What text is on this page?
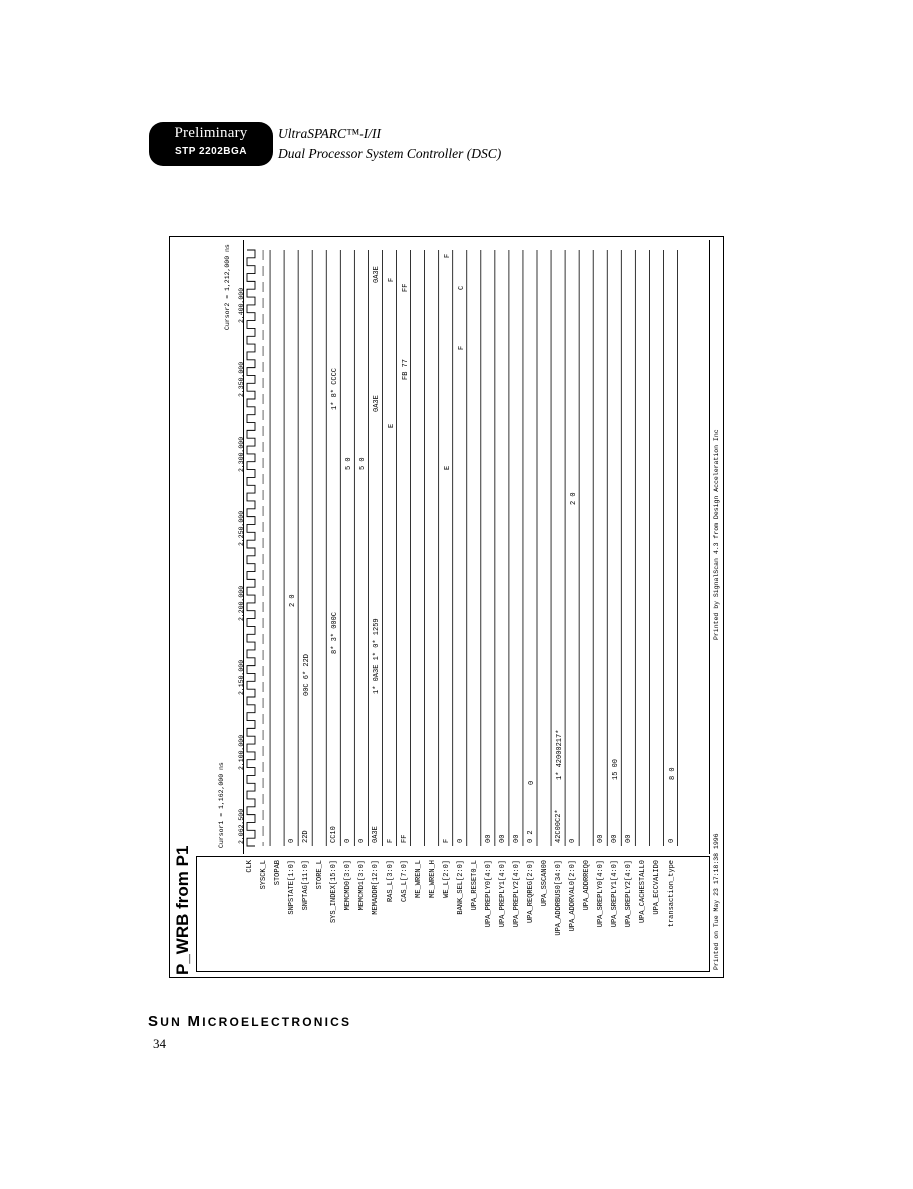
Preliminary
STP 2202BGA
UltraSPARC™-I/II
Dual Processor System Controller (DSC)
P_WRB from P1	Printed on Tue May 23 17:18:38 1996
Printed by SignalScan 4.3 from Design Acceleration Inc
CLK SYSCK_L STOPAB SNPSTATE[1:0]
0
SNPTAG[11:0]
22D
STORE_L SYS_INDEX[15:0]
CC10
MEMCMD0[3:0]
0
MEMCMD1[3:0]
0
MEMADDR[12:0]
0A3E
RAS_L[3:0]
F
CAS_L[7:0]
FF
ME_WREN_L ME_WREN_H WE_L[2:0]
F
BANK_SEL[2:0]
0
UPA_RESET0_L UPA_PREPLY0[4:0]
00
UPA_PREPLY1[4:0]
00
UPA_PREPLY2[4:0]
00
UPA_REQREG[2:0]
0 2
UPA_SSCAN00 UPA_ADDRBUS0[34:0]
42C00C2*
UPA_ADDRVAL0[2:0]
0
UPA_ADDRREQ0 UPA_SREPLY0[4:0]
00
UPA_SREPLY1[4:0]
00
UPA_SREPLY2[4:0]
00
UPA_CACHESTALL0 UPA_ECCVALID0 transaction_type
0
2,062,500
2,100,000
2,150,000
2,200,000
2,250,000
2,300,000
2,350,000
2,400,000
Cursor1 = 1,162,000 ns
Cursor2 = 1,212,000 ns
2 0
00C 6* 22D
8* 3* 000C
1* 8* CCCC
5 0 5 0
1* 0A3E 1* 0* 1259
0A3E
0A3E
E
F
FB 77
FF
E
F
F
C
0
1* 42000217*
2 0
15 00	8 0
SUN MICROELECTRONICS
34
